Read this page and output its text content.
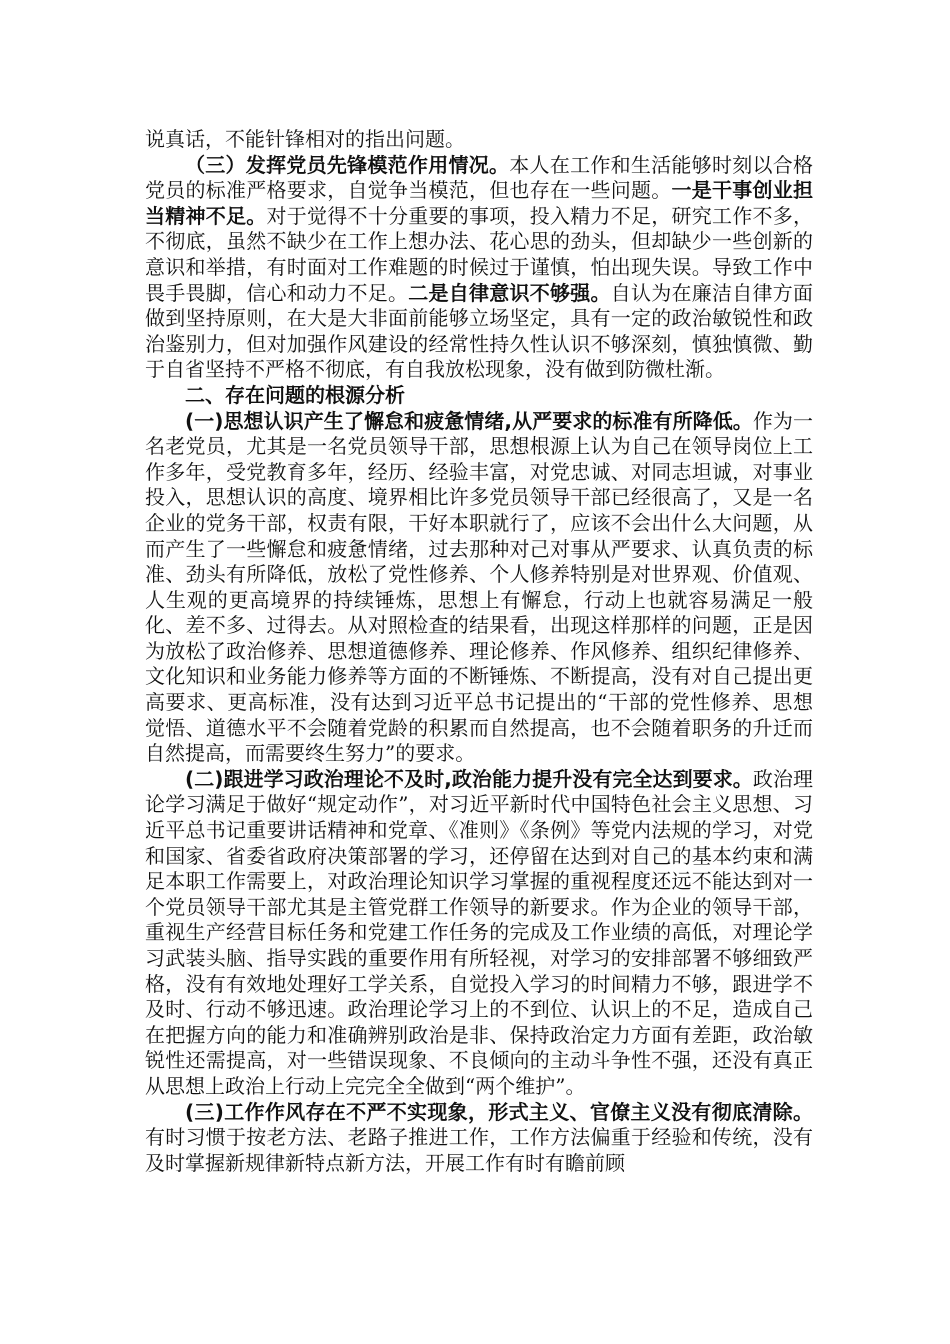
说真话，不能针锋相对的指出问题。

（三）发挥党员先锋模范作用情况。本人在工作和生活能够时刻以合格党员的标准严格要求，自觉争当模范，但也存在一些问题。一是干事创业担当精神不足。对于觉得不十分重要的事项，投入精力不足，研究工作不多，不彻底，虽然不缺少在工作上想办法、花心思的劲头，但却缺少一些创新的意识和举措，有时面对工作难题的时候过于谨慎，怕出现失误。导致工作中畏手畏脚，信心和动力不足。二是自律意识不够强。自认为在廉洁自律方面做到坚持原则，在大是大非面前能够立场坚定，具有一定的政治敏锐性和政治鉴别力，但对加强作风建设的经常性持久性认识不够深刻，慎独慎微、勤于自省坚持不严格不彻底，有自我放松现象，没有做到防微杜渐。

二、存在问题的根源分析

(一)思想认识产生了懈怠和疲惫情绪,从严要求的标准有所降低。作为一名老党员，尤其是一名党员领导干部，思想根源上认为自己在领导岗位上工作多年，受党教育多年，经历、经验丰富，对党忠诚、对同志坦诚，对事业投入，思想认识的高度、境界相比许多党员领导干部已经很高了，又是一名企业的党务干部，权责有限，干好本职就行了，应该不会出什么大问题，从而产生了一些懈怠和疲惫情绪，过去那种对己对事从严要求、认真负责的标准、劲头有所降低，放松了党性修养、个人修养特别是对世界观、价值观、人生观的更高境界的持续锤炼，思想上有懈怠，行动上也就容易满足一般化、差不多、过得去。从对照检查的结果看，出现这样那样的问题，正是因为放松了政治修养、思想道德修养、理论修养、作风修养、组织纪律修养、文化知识和业务能力修养等方面的不断锤炼、不断提高，没有对自己提出更高要求、更高标准，没有达到习近平总书记提出的“干部的党性修养、思想觉悟、道德水平不会随着党龄的积累而自然提高，也不会随着职务的升迁而自然提高，而需要终生努力”的要求。

(二)跟进学习政治理论不及时,政治能力提升没有完全达到要求。政治理论学习满足于做好“规定动作”，对习近平新时代中国特色社会主义思想、习近平总书记重要讲话精神和党章、《准则》《条例》等党内法规的学习，对党和国家、省委省政府决策部署的学习，还停留在达到对自己的基本约束和满足本职工作需要上，对政治理论知识学习掌握的重视程度还远不能达到对一个党员领导干部尤其是主管党群工作领导的新要求。作为企业的领导干部，重视生产经营目标任务和党建工作任务的完成及工作业绩的高低，对理论学习武装头脑、指导实践的重要作用有所轻视，对学习的安排部署不够细致严格，没有有效地处理好工学关系，自觉投入学习的时间精力不够，跟进学不及时、行动不够迅速。政治理论学习上的不到位、认识上的不足，造成自己在把握方向的能力和准确辨别政治是非、保持政治定力方面有差距，政治敏锐性还需提高，对一些错误现象、不良倾向的主动斗争性不强，还没有真正从思想上政治上行动上完完全全做到“两个维护”。

(三)工作作风存在不严不实现象，形式主义、官僚主义没有彻底清除。有时习惯于按老方法、老路子推进工作，工作方法偏重于经验和传统，没有及时掌握新规律新特点新方法，开展工作有时有瞻前顾
